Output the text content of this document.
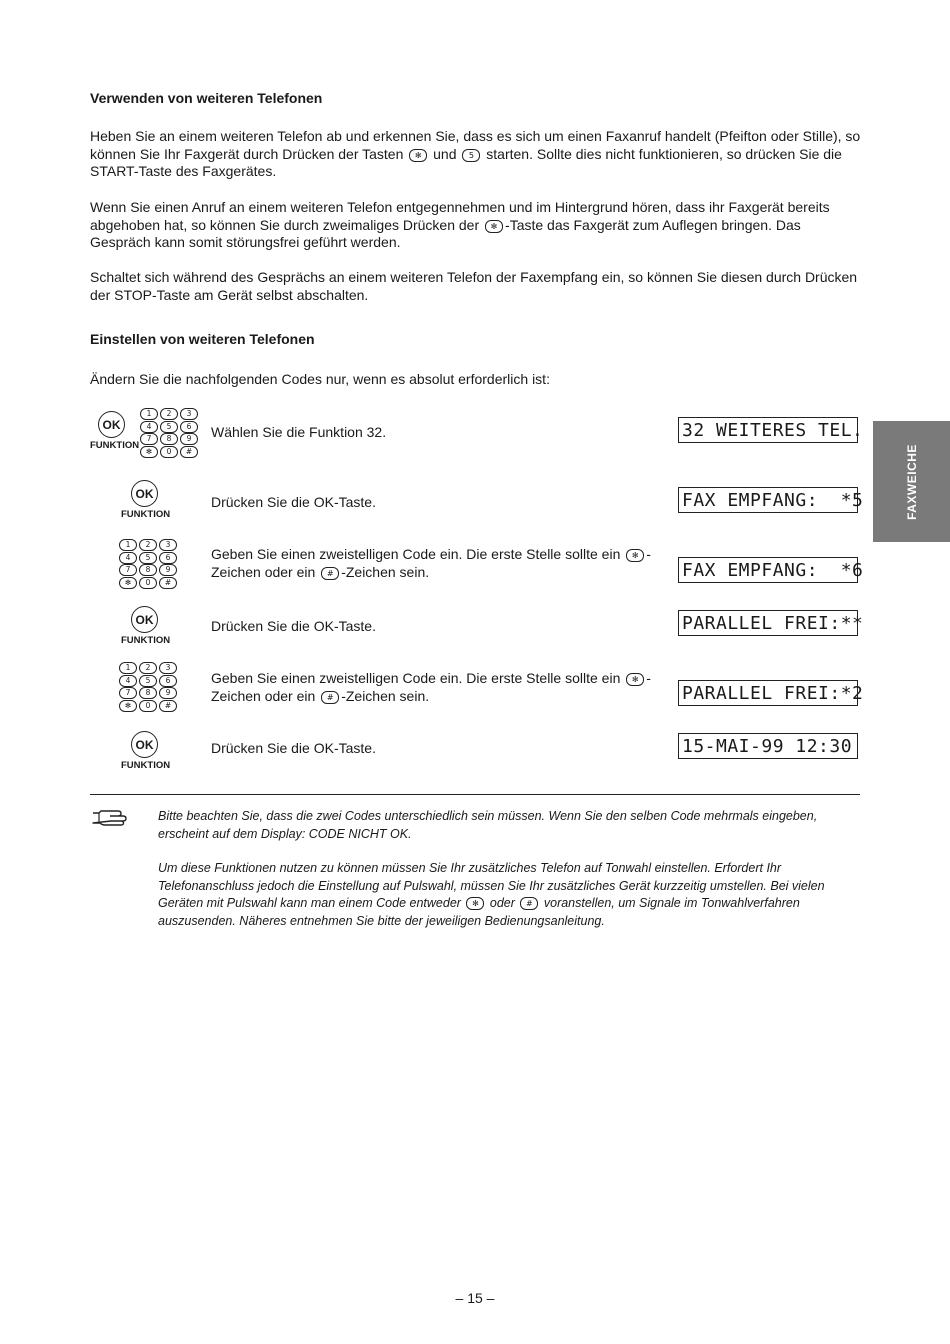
Verwenden von weiteren Telefonen
Heben Sie an einem weiteren Telefon ab und erkennen Sie, dass es sich um einen Faxanruf handelt (Pfeifton oder Stille), so können Sie Ihr Faxgerät durch Drücken der Tasten ✻ und 5 starten. Sollte dies nicht funktionieren, so drücken Sie die START-Taste des Faxgerätes.
Wenn Sie einen Anruf an einem weiteren Telefon entgegennehmen und im Hintergrund hören, dass ihr Faxgerät bereits abgehoben hat, so können Sie durch zweimaliges Drücken der ✻ -Taste das Faxgerät zum Auflegen bringen. Das Gespräch kann somit störungsfrei geführt werden.
Schaltet sich während des Gesprächs an einem weiteren Telefon der Faxempfang ein, so können Sie diesen durch Drücken der STOP-Taste am Gerät selbst abschalten.
Einstellen von weiteren Telefonen
Ändern Sie die nachfolgenden Codes nur, wenn es absolut erforderlich ist:
FAXWEICHE
OK
FUNKTION
1	2	3
4	5	6
7	8	9
✻	0	#
Wählen Sie die Funktion 32.	32 WEITERES TEL.
OK
FUNKTION
Drücken Sie die OK-Taste.	FAX EMPFANG:  *5
1	2	3
4	5	6
7	8	9
✻	0	#
Geben Sie einen zweistelligen Code ein. Die erste Stelle sollte ein ✻ -Zeichen oder ein # -Zeichen sein.	FAX EMPFANG:  *6
OK
FUNKTION
Drücken Sie die OK-Taste.	PARALLEL FREI:**
1	2	3
4	5	6
7	8	9
✻	0	#
Geben Sie einen zweistelligen Code ein. Die erste Stelle sollte ein ✻ -Zeichen oder ein # -Zeichen sein.	PARALLEL FREI:*2
OK
FUNKTION
Drücken Sie die OK-Taste.	15-MAI-99 12:30
Bitte beachten Sie, dass die zwei Codes unterschiedlich sein müssen. Wenn Sie den selben Code mehrmals eingeben, erscheint auf dem Display: CODE NICHT OK.
Um diese Funktionen nutzen zu können müssen Sie Ihr zusätzliches Telefon auf Tonwahl einstellen. Erfordert Ihr Telefonanschluss jedoch die Einstellung auf Pulswahl, müssen Sie Ihr zusätzliches Gerät kurzzeitig umstellen. Bei vielen Geräten mit Pulswahl kann man einem Code entweder ✻ oder # voranstellen, um Signale im Tonwahlverfahren auszusenden. Näheres entnehmen Sie bitte der jeweiligen Bedienungsanleitung.
– 15 –
